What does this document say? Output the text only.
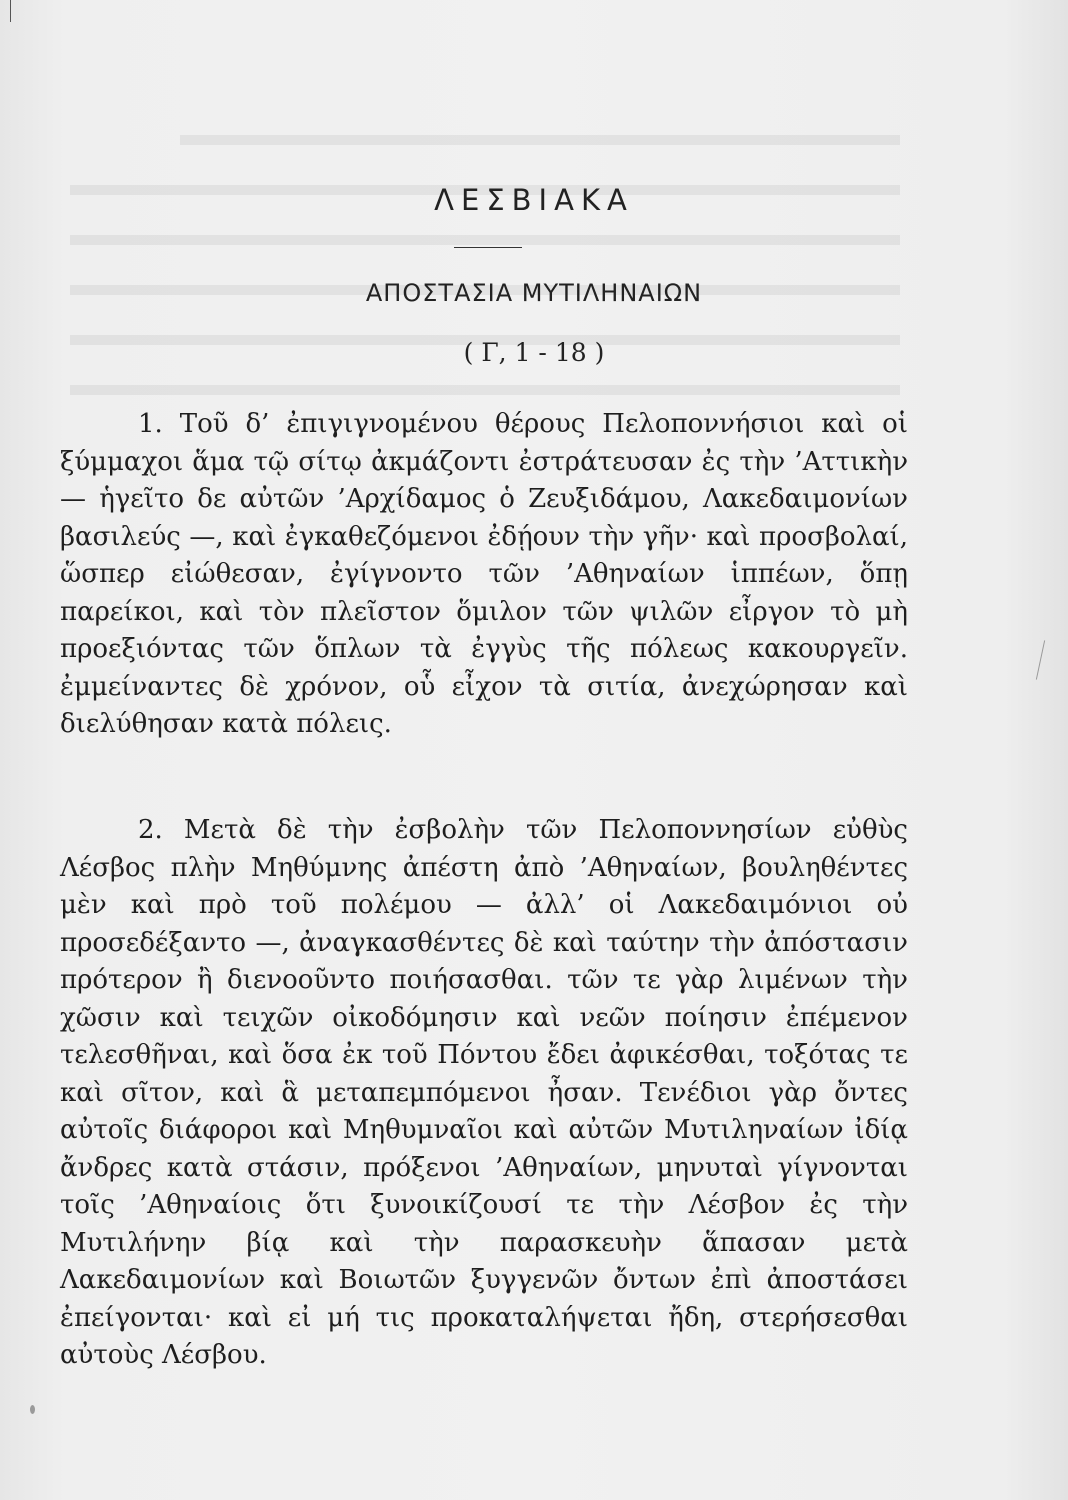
ΛΕΣΒΙΑΚΑ
ΑΠΟΣΤΑΣΙΑ ΜΥΤΙΛΗΝΑΙΩΝ
( Γ, 1 - 18 )

1. Τοῦ δ’ ἐπιγιγνομένου θέρους Πελοποννήσιοι καὶ οἱ ξύμμαχοι ἅμα τῷ σίτῳ ἀκμάζοντι ἐστράτευσαν ἐς τὴν ’Αττικὴν — ἡγεῖτο δε αὐτῶν ’Αρχίδαμος ὁ Ζευξιδάμου, Λακεδαιμονίων βασιλεύς —, καὶ ἐγκαθεζόμενοι ἐδῄουν τὴν γῆν· καὶ προσβολαί, ὥσπερ εἰώθεσαν, ἐγίγνοντο τῶν ’Αθηναίων ἱππέων, ὅπῃ παρείκοι, καὶ τὸν πλεῖστον ὅμιλον τῶν ψιλῶν εἶργον τὸ μὴ προεξιόντας τῶν ὅπλων τὰ ἐγγὺς τῆς πόλεως κακουργεῖν. ἐμμείναντες δὲ χρόνον, οὗ εἶχον τὰ σιτία, ἀνεχώρησαν καὶ διελύθησαν κατὰ πόλεις.

2. Μετὰ δὲ τὴν ἐσβολὴν τῶν Πελοποννησίων εὐθὺς Λέσβος πλὴν Μηθύμνης ἀπέστη ἀπὸ ’Αθηναίων, βουληθέντες μὲν καὶ πρὸ τοῦ πολέμου — ἀλλ’ οἱ Λακεδαιμόνιοι οὐ προσεδέξαντο —, ἀναγκασθέντες δὲ καὶ ταύτην τὴν ἀπόστασιν πρότερον ἢ διενοοῦντο ποιήσασθαι. τῶν τε γὰρ λιμένων τὴν χῶσιν καὶ τειχῶν οἰκοδόμησιν καὶ νεῶν ποίησιν ἐπέμενον τελεσθῆναι, καὶ ὅσα ἐκ τοῦ Πόντου ἔδει ἀφικέσθαι, τοξότας τε καὶ σῖτον, καὶ ἃ μεταπεμπόμενοι ἦσαν. Τενέδιοι γὰρ ὄντες αὐτοῖς διάφοροι καὶ Μηθυμναῖοι καὶ αὐτῶν Μυτιληναίων ἰδίᾳ ἄνδρες κατὰ στάσιν, πρόξενοι ’Αθηναίων, μηνυταὶ γίγνονται τοῖς ’Αθηναίοις ὅτι ξυνοικίζουσί τε τὴν Λέσβον ἐς τὴν Μυτιλήνην βίᾳ καὶ τὴν παρασκευὴν ἅπασαν μετὰ Λακεδαιμονίων καὶ Βοιωτῶν ξυγγενῶν ὄντων ἐπὶ ἀποστάσει ἐπείγονται· καὶ εἰ μή τις προκαταλήψεται ἤδη, στερήσεσθαι αὐτοὺς Λέσβου.
